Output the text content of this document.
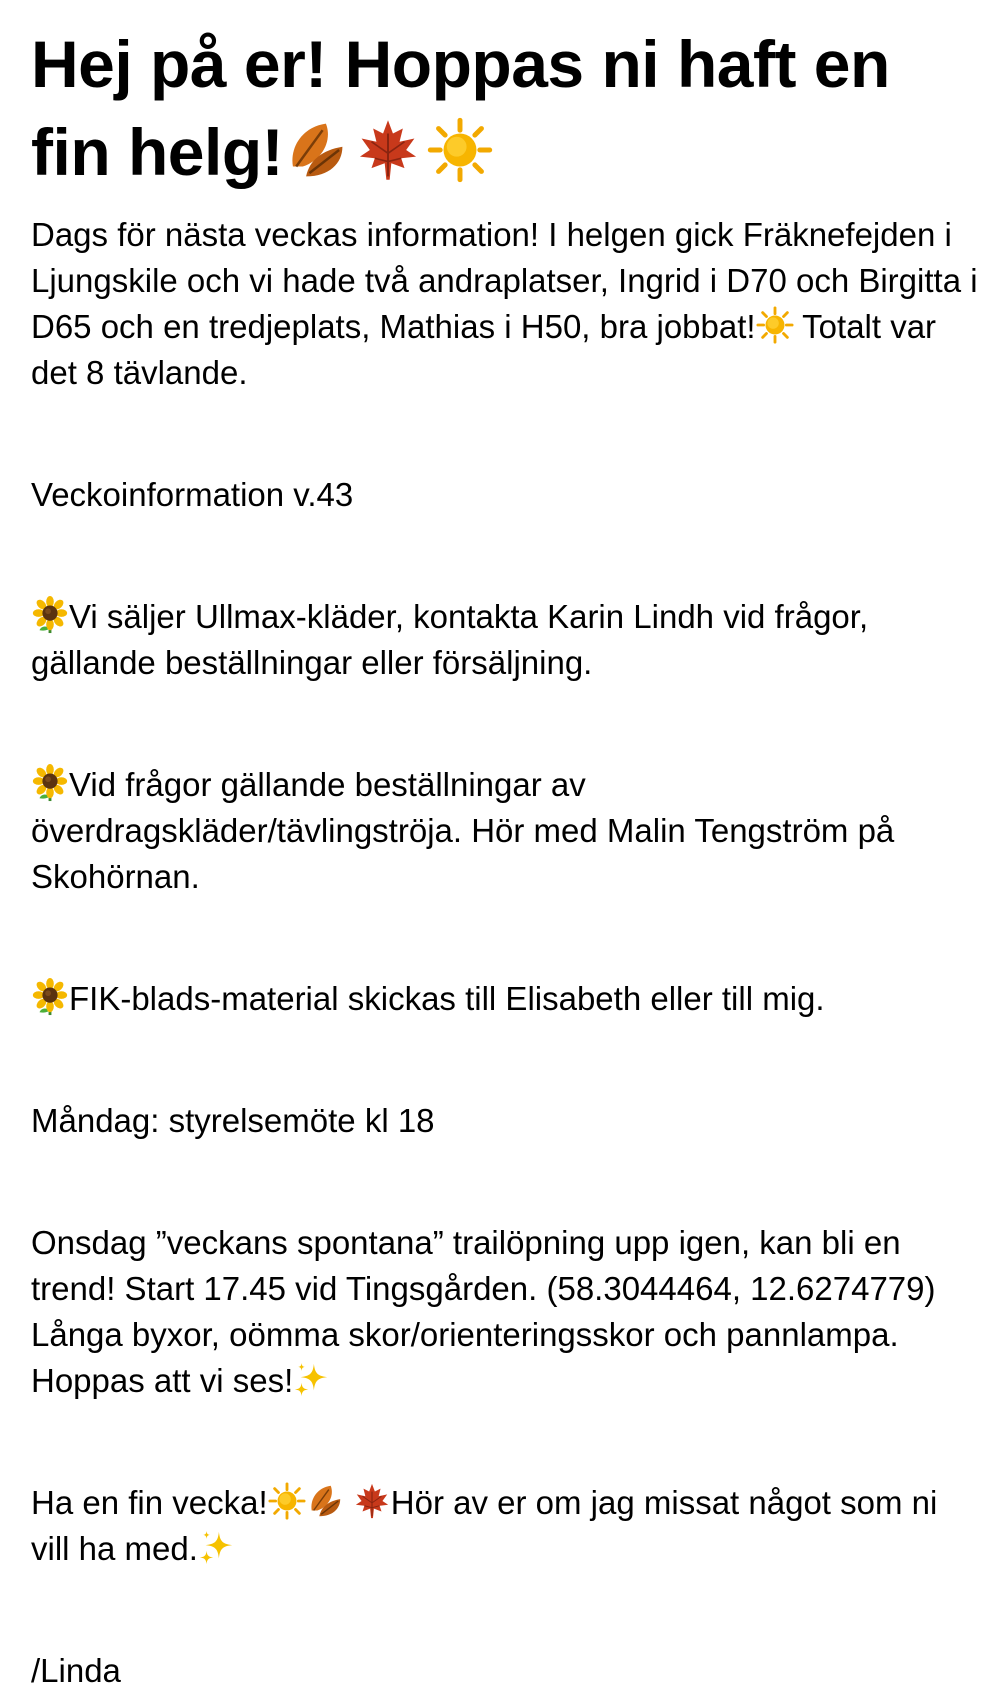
Hej på er! Hoppas ni haft en fin helg!

Dags för nästa veckas information! I helgen gick Fräknefejden i Ljungskile och vi hade två andraplatser, Ingrid i D70 och Birgitta i D65 och en tredjeplats, Mathias i H50, bra jobbat!
Totalt var det 8 tävlande.

Veckoinformation v.43

Vi säljer Ullmax-kläder, kontakta Karin Lindh vid frågor, gällande beställningar eller försäljning.

Vid frågor gällande beställningar av överdragskläder/tävlingströja. Hör med Malin Tengström på Skohörnan.

FIK-blads-material skickas till Elisabeth eller till mig.

Måndag: styrelsemöte kl 18

Onsdag ”veckans spontana” trailöpning upp igen, kan bli en trend! Start 17.45 vid Tingsgården. (58.3044464, 12.6274779) Långa byxor, oömma skor/orienteringsskor och pannlampa. Hoppas att vi ses!

Ha en fin vecka!
	Hör av er om jag missat något som ni vill ha med.

/Linda
